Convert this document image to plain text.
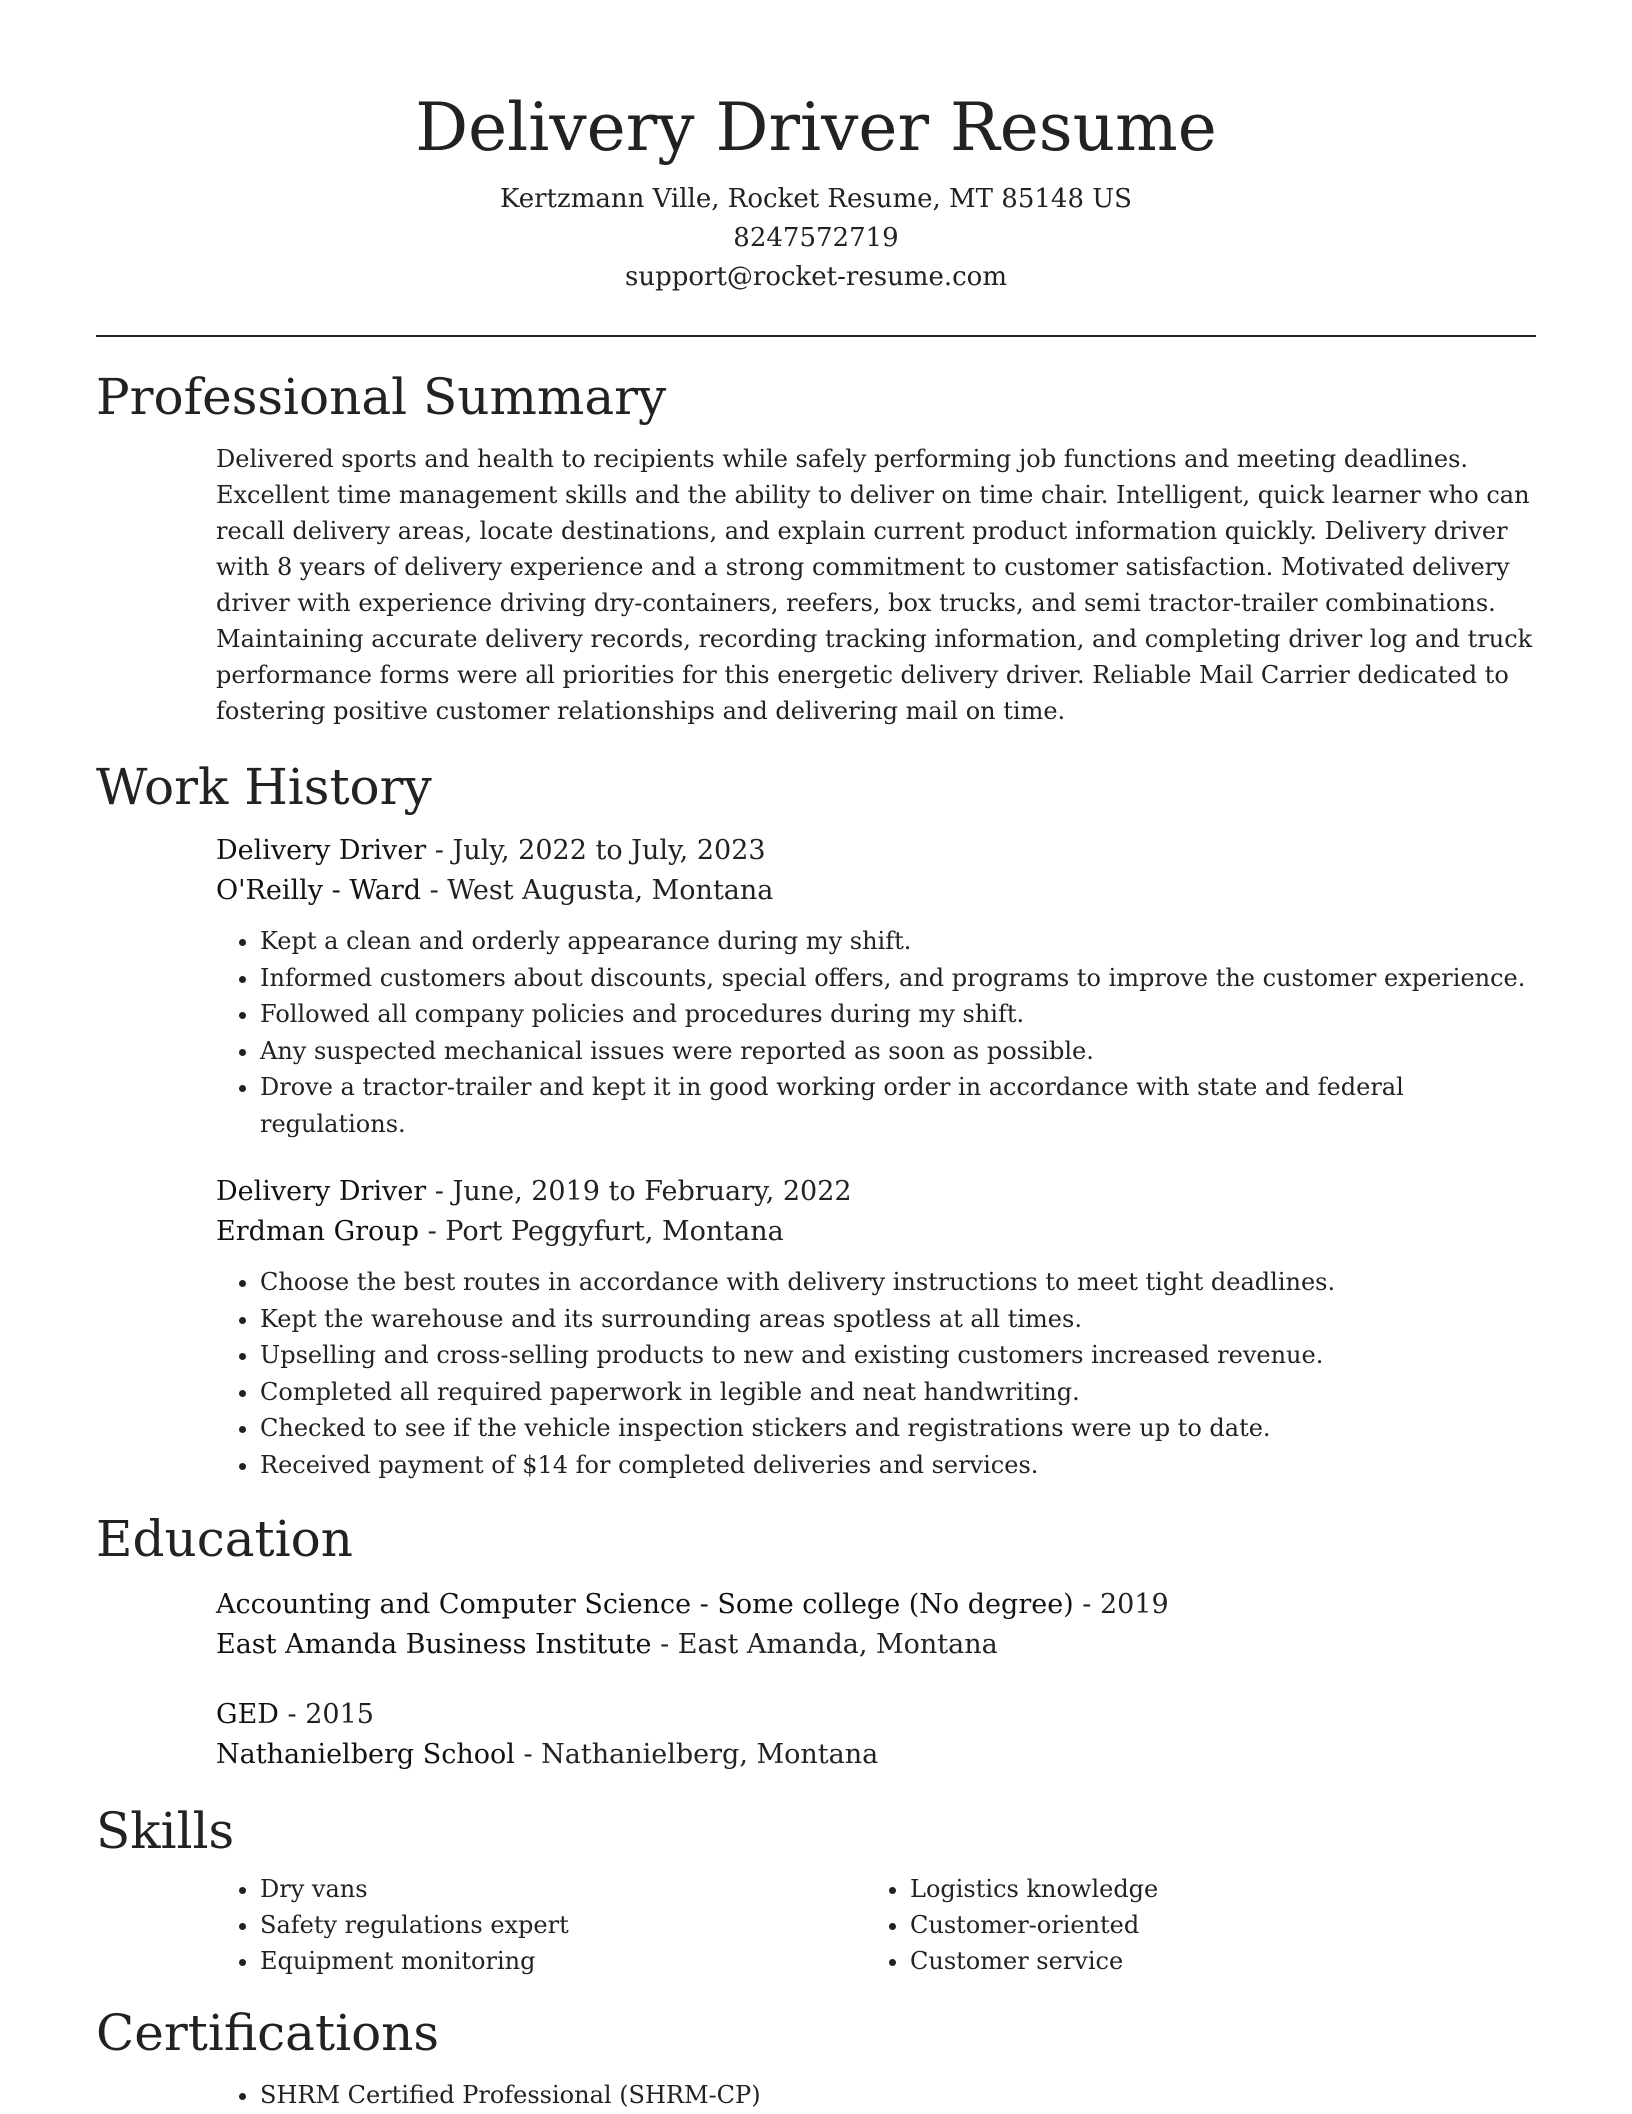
Delivery Driver Resume

Kertzmann Ville, Rocket Resume, MT 85148 US

8247572719

support@rocket-resume.com

Professional Summary

Delivered sports and health to recipients while safely performing job functions and meeting deadlines. Excellent time management skills and the ability to deliver on time chair. Intelligent, quick learner who can recall delivery areas, locate destinations, and explain current product information quickly. Delivery driver with 8 years of delivery experience and a strong commitment to customer satisfaction. Motivated delivery driver with experience driving dry-containers, reefers, box trucks, and semi tractor-trailer combinations. Maintaining accurate delivery records, recording tracking information, and completing driver log and truck performance forms were all priorities for this energetic delivery driver. Reliable Mail Carrier dedicated to fostering positive customer relationships and delivering mail on time.

Work History

Delivery Driver - July, 2022 to July, 2023

O'Reilly - Ward - West Augusta, Montana

• Kept a clean and orderly appearance during my shift.
• Informed customers about discounts, special offers, and programs to improve the customer experience.
• Followed all company policies and procedures during my shift.
• Any suspected mechanical issues were reported as soon as possible.
• Drove a tractor-trailer and kept it in good working order in accordance with state and federal regulations.

Delivery Driver - June, 2019 to February, 2022

Erdman Group - Port Peggyfurt, Montana

• Choose the best routes in accordance with delivery instructions to meet tight deadlines.
• Kept the warehouse and its surrounding areas spotless at all times.
• Upselling and cross-selling products to new and existing customers increased revenue.
• Completed all required paperwork in legible and neat handwriting.
• Checked to see if the vehicle inspection stickers and registrations were up to date.
• Received payment of $14 for completed deliveries and services.
Education

Accounting and Computer Science - Some college (No degree) - 2019

East Amanda Business Institute - East Amanda, Montana

GED - 2015

Nathanielberg School - Nathanielberg, Montana

Skills
• Dry vans
• Safety regulations expert
• Equipment monitoring
• Logistics knowledge
• Customer-oriented
• Customer service
Certifications
• SHRM Certified Professional (SHRM-CP)
